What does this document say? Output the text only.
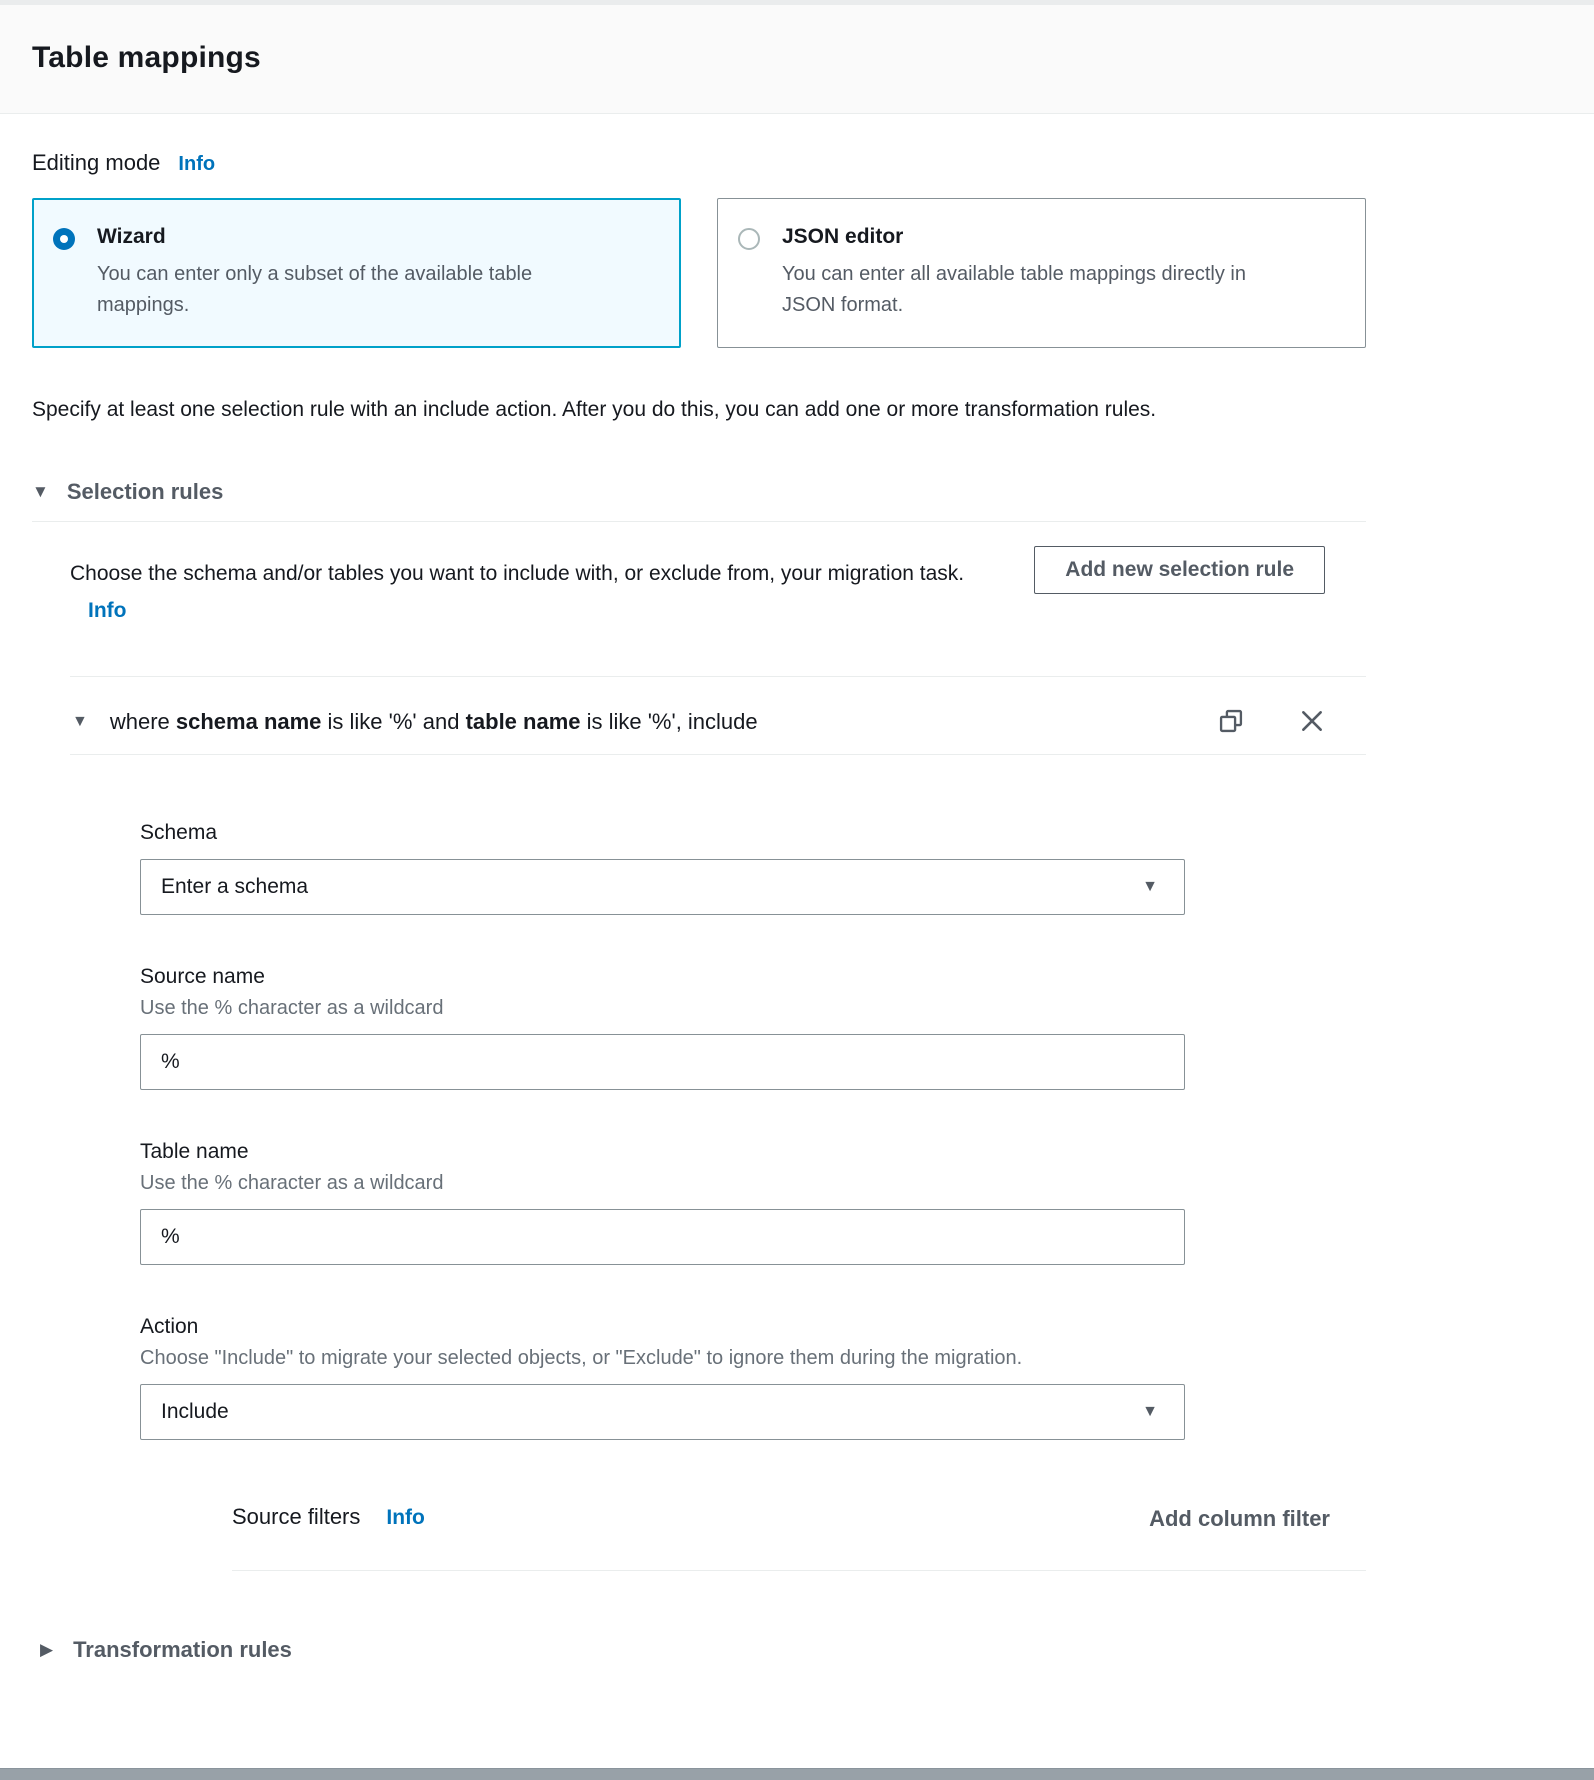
Table mappings
Editing mode Info
Wizard
You can enter only a subset of the available table mappings.
JSON editor
You can enter all available table mappings directly in JSON format.

Specify at least one selection rule with an include action. After you do this, you can add one or more transformation rules.

▼ Selection rules

Choose the schema and/or tables you want to include with, or exclude from, your migration task. Info

Add new selection rule
▼ where schema name is like '%' and table name is like '%', include
Schema
Enter a schema	▼
Source name
Use the % character as a wildcard
%
Table name
Use the % character as a wildcard
%
Action
Choose "Include" to migrate your selected objects, or "Exclude" to ignore them during the migration.
Include	▼
Source filters Info	Add column filter
▶ Transformation rules
